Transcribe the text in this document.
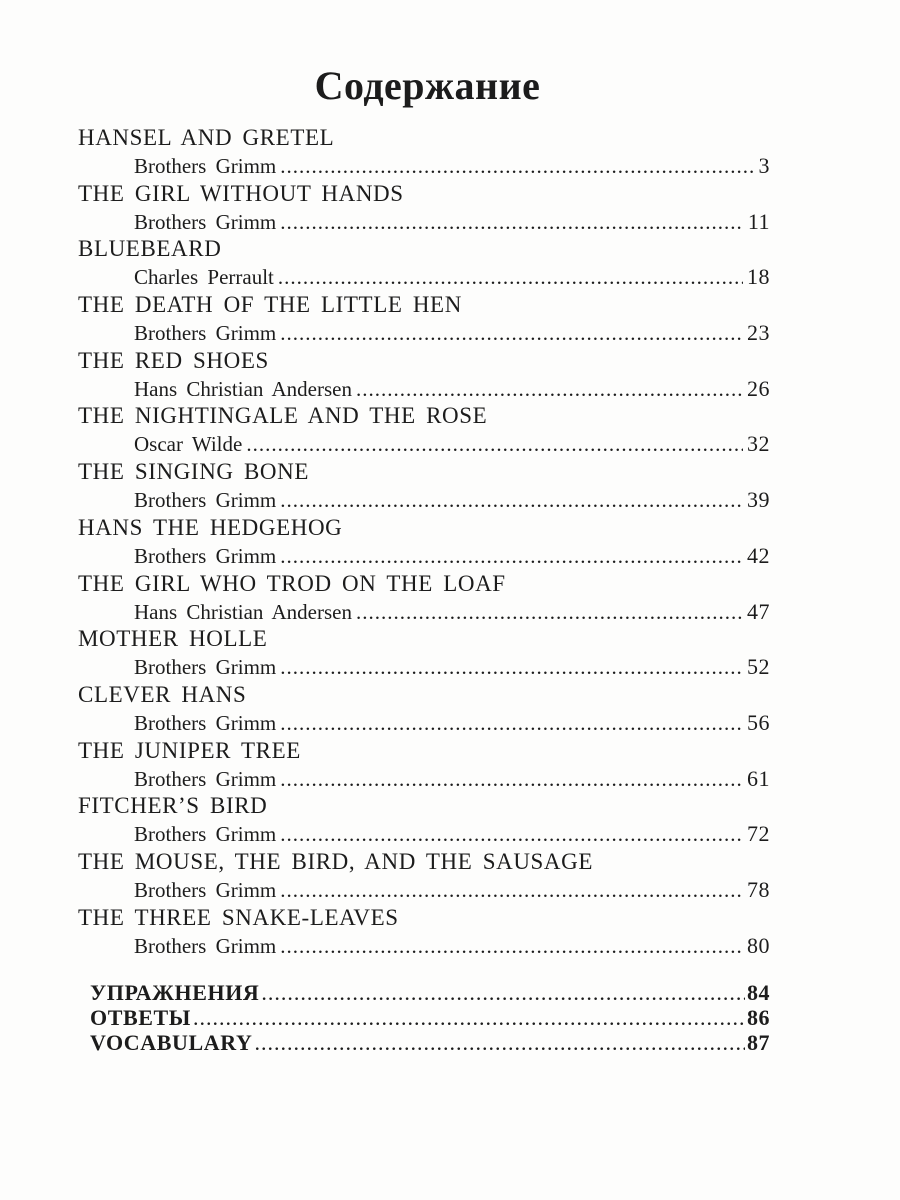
Содержание
HANSEL AND GRETEL
Brothers Grimm .....	3
THE GIRL WITHOUT HANDS
Brothers Grimm .....	11
BLUEBEARD
Charles Perrault .....	18
THE DEATH OF THE LITTLE HEN
Brothers Grimm .....	23
THE RED SHOES
Hans Christian Andersen .....	26
THE NIGHTINGALE AND THE ROSE
Oscar Wilde .....	32
THE SINGING BONE
Brothers Grimm .....	39
HANS THE HEDGEHOG
Brothers Grimm .....	42
THE GIRL WHO TROD ON THE LOAF
Hans Christian Andersen .....	47
MOTHER HOLLE
Brothers Grimm .....	52
CLEVER HANS
Brothers Grimm .....	56
THE JUNIPER TREE
Brothers Grimm .....	61
FITCHER’S BIRD
Brothers Grimm .....	72
THE MOUSE, THE BIRD, AND THE SAUSAGE
Brothers Grimm .....	78
THE THREE SNAKE-LEAVES
Brothers Grimm .....	80
УПРАЖНЕНИЯ .....	84
ОТВЕТЫ .....	86
VOCABULARY .....	87
